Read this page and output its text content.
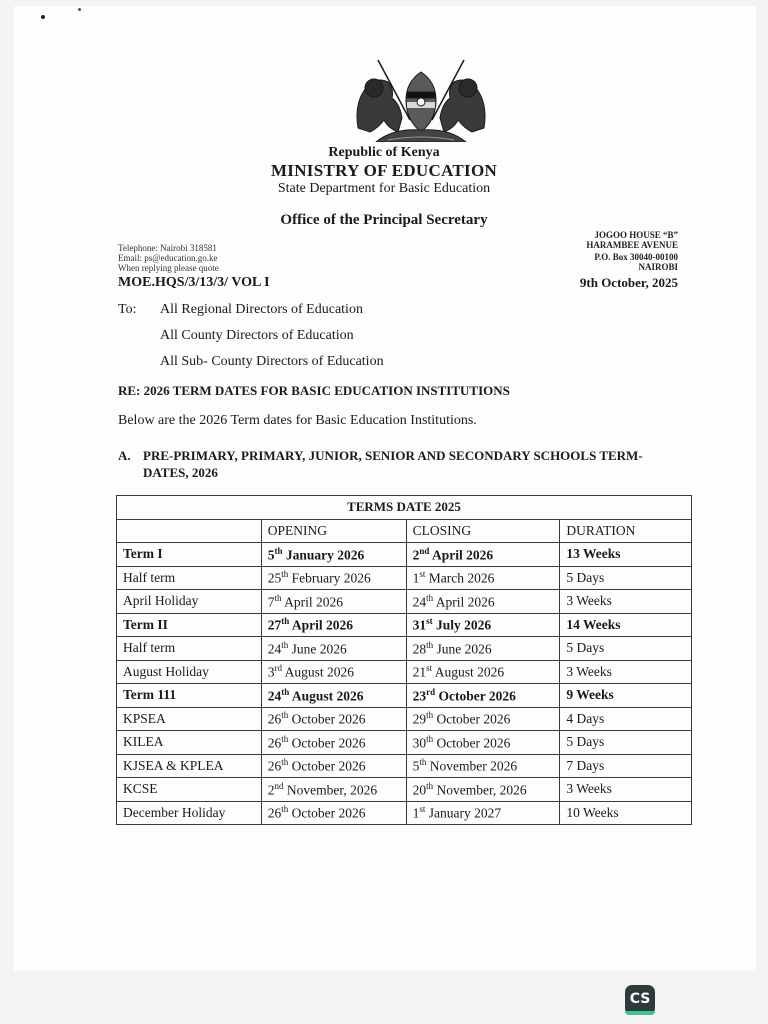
Republic of Kenya
MINISTRY OF EDUCATION
State Department for Basic Education
Office of the Principal Secretary
Telephone: Nairobi 318581
Email: ps@education.go.ke
When replying please quote
JOGOO HOUSE “B”
HARAMBEE AVENUE
P.O. Box 30040-00100
NAIROBI
MOE.HQS/3/13/3/ VOL I	9th October, 2025
To: All Regional Directors of Education
All County Directors of Education
All Sub- County Directors of Education
RE: 2026 TERM DATES FOR BASIC EDUCATION INSTITUTIONS
Below are the 2026 Term dates for Basic Education Institutions.
A. PRE-PRIMARY, PRIMARY, JUNIOR, SENIOR AND SECONDARY SCHOOLS TERM-
DATES, 2026
TERMS DATE 2025			
	OPENING	CLOSING	DURATION
Term I	5th January 2026	2nd April 2026	13 Weeks
Half term	25th February 2026	1st March 2026	5 Days
April Holiday	7th April 2026	24th April 2026	3 Weeks
Term II	27th April 2026	31st July 2026	14 Weeks
Half term	24th June 2026	28th June 2026	5 Days
August Holiday	3rd August 2026	21st August 2026	3 Weeks
Term 111	24th August 2026	23rd October 2026	9 Weeks
KPSEA	26th October 2026	29th October 2026	4 Days
KILEA	26th October 2026	30th October 2026	5 Days
KJSEA & KPLEA	26th October 2026	5th November 2026	7 Days
KCSE	2nd November, 2026	20th November, 2026	3 Weeks
December Holiday	26th October 2026	1st January 2027	10 Weeks
CS
